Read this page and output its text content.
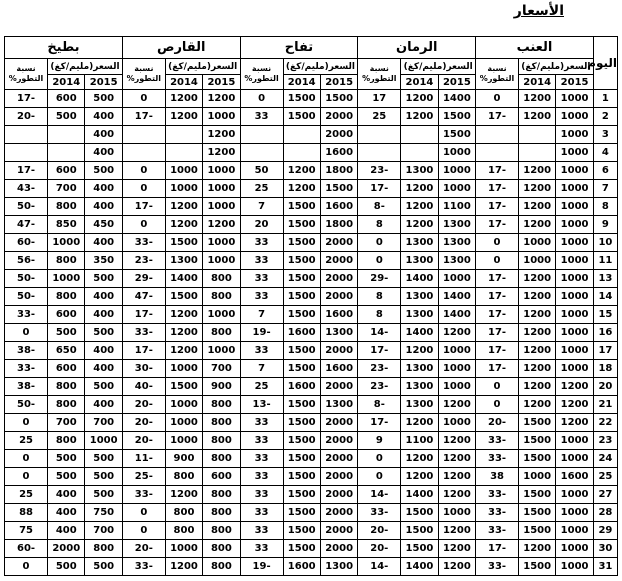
الأسعار
اليوم	العنب			الرمان			تفاح			القارص			بطيخ		
	السعر(مليم/كغ)		نسبة التطور%	السعر(مليم/كغ)		نسبة التطور%	السعر(مليم/كغ)		نسبة التطور%	السعر(مليم/كغ)		نسبة التطور%	السعر(مليم/كغ)		نسبة التطور%
	2015	2014		2015	2014		2015	2014		2015	2014		2015	2014	
1	1000	1200	0	1400	1200	17	1500	1500	0	1200	1200	0	500	600	-17
2	1000	1200	-17	1500	1200	25	2000	1500	33	1000	1200	-17	400	500	-20
3	1000			1500			2000			1200			400		
4	1000			1000			1600			1200			400		
6	1000	1200	-17	1000	1300	-23	1800	1200	50	1000	1000	0	500	600	-17
7	1000	1200	-17	1000	1200	-17	1500	1200	25	1000	1000	0	400	700	-43
8	1000	1200	-17	1100	1200	-8	1600	1500	7	1000	1200	-17	400	800	-50
9	1000	1200	-17	1300	1200	8	1800	1500	20	1200	1200	0	450	850	-47
10	1000	1000	0	1300	1300	0	2000	1500	33	1000	1500	-33	400	1000	-60
11	1000	1000	0	1300	1300	0	2000	1500	33	1000	1300	-23	350	800	-56
13	1000	1200	-17	1000	1400	-29	2000	1500	33	800	1400	-29	500	1000	-50
14	1000	1200	-17	1400	1300	8	2000	1500	33	800	1500	-47	400	800	-50
15	1000	1200	-17	1400	1300	8	1600	1500	7	1000	1200	-17	400	600	-33
16	1000	1200	-17	1200	1400	-14	1300	1600	-19	800	1200	-33	500	500	0
17	1000	1200	-17	1000	1200	-17	2000	1500	33	1000	1200	-17	400	650	-38
18	1000	1200	-17	1000	1300	-23	1600	1500	7	700	1000	-30	400	600	-33
20	1200	1200	0	1000	1300	-23	2000	1600	25	900	1500	-40	500	800	-38
21	1200	1200	0	1200	1300	-8	1300	1500	-13	800	1000	-20	400	800	-50
22	1200	1500	-20	1000	1200	-17	2000	1500	33	800	1000	-20	700	700	0
23	1000	1500	-33	1200	1100	9	2000	1500	33	800	1000	-20	1000	800	25
24	1000	1500	-33	1200	1200	0	2000	1500	33	800	900	-11	500	500	0
25	1600	1000	38	1200	1200	0	2000	1500	33	600	800	-25	500	500	0
27	1000	1500	-33	1200	1400	-14	2000	1500	33	800	1200	-33	500	400	25
28	1000	1500	-33	1000	1500	-33	2000	1500	33	800	800	0	750	400	88
29	1000	1500	-33	1200	1500	-20	2000	1500	33	800	800	0	700	400	75
30	1000	1200	-17	1200	1500	-20	2000	1500	33	800	1000	-20	800	2000	-60
31	1000	1500	-33	1200	1400	-14	1300	1600	-19	800	1200	-33	500	500	0
